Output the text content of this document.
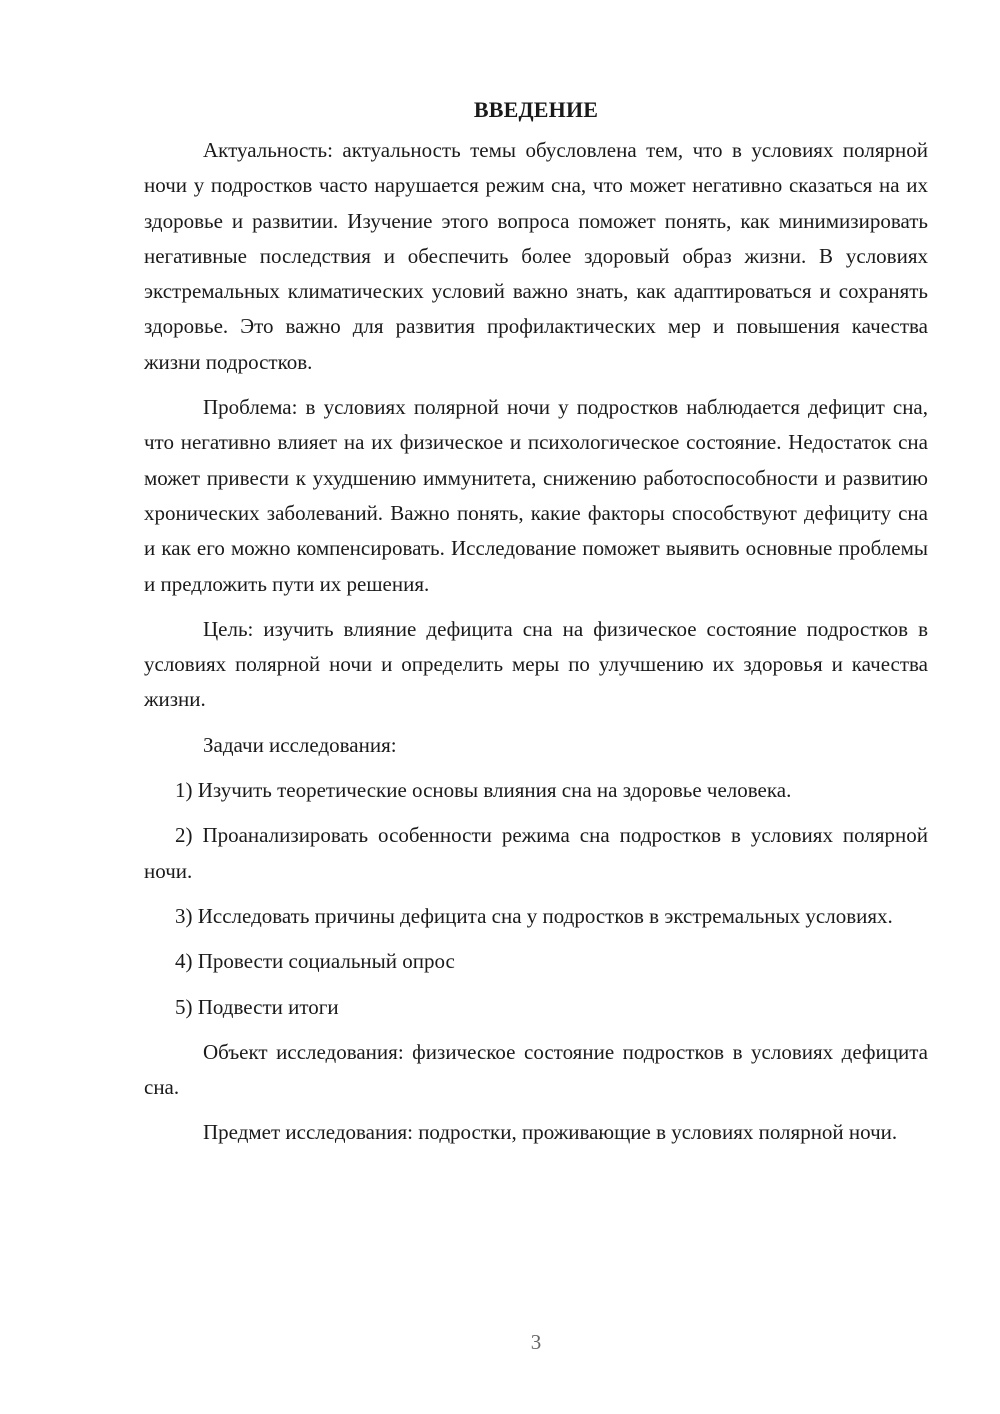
ВВЕДЕНИЕ

Актуальность: актуальность темы обусловлена тем, что в условиях полярной ночи у подростков часто нарушается режим сна, что может негативно сказаться на их здоровье и развитии. Изучение этого вопроса поможет понять, как минимизировать негативные последствия и обеспечить более здоровый образ жизни. В условиях экстремальных климатических условий важно знать, как адаптироваться и сохранять здоровье. Это важно для развития профилактических мер и повышения качества жизни подростков.

Проблема: в условиях полярной ночи у подростков наблюдается дефицит сна, что негативно влияет на их физическое и психологическое состояние. Недостаток сна может привести к ухудшению иммунитета, снижению работоспособности и развитию хронических заболеваний. Важно понять, какие факторы способствуют дефициту сна и как его можно компенсировать. Исследование поможет выявить основные проблемы и предложить пути их решения.

Цель: изучить влияние дефицита сна на физическое состояние подростков в условиях полярной ночи и определить меры по улучшению их здоровья и качества жизни.

Задачи исследования:

1) Изучить теоретические основы влияния сна на здоровье человека.

2) Проанализировать особенности режима сна подростков в условиях полярной ночи.

3) Исследовать причины дефицита сна у подростков в экстремальных условиях.

4) Провести социальный опрос

5) Подвести итоги

Объект исследования: физическое состояние подростков в условиях дефицита сна.

Предмет исследования: подростки, проживающие в условиях полярной ночи.

3
